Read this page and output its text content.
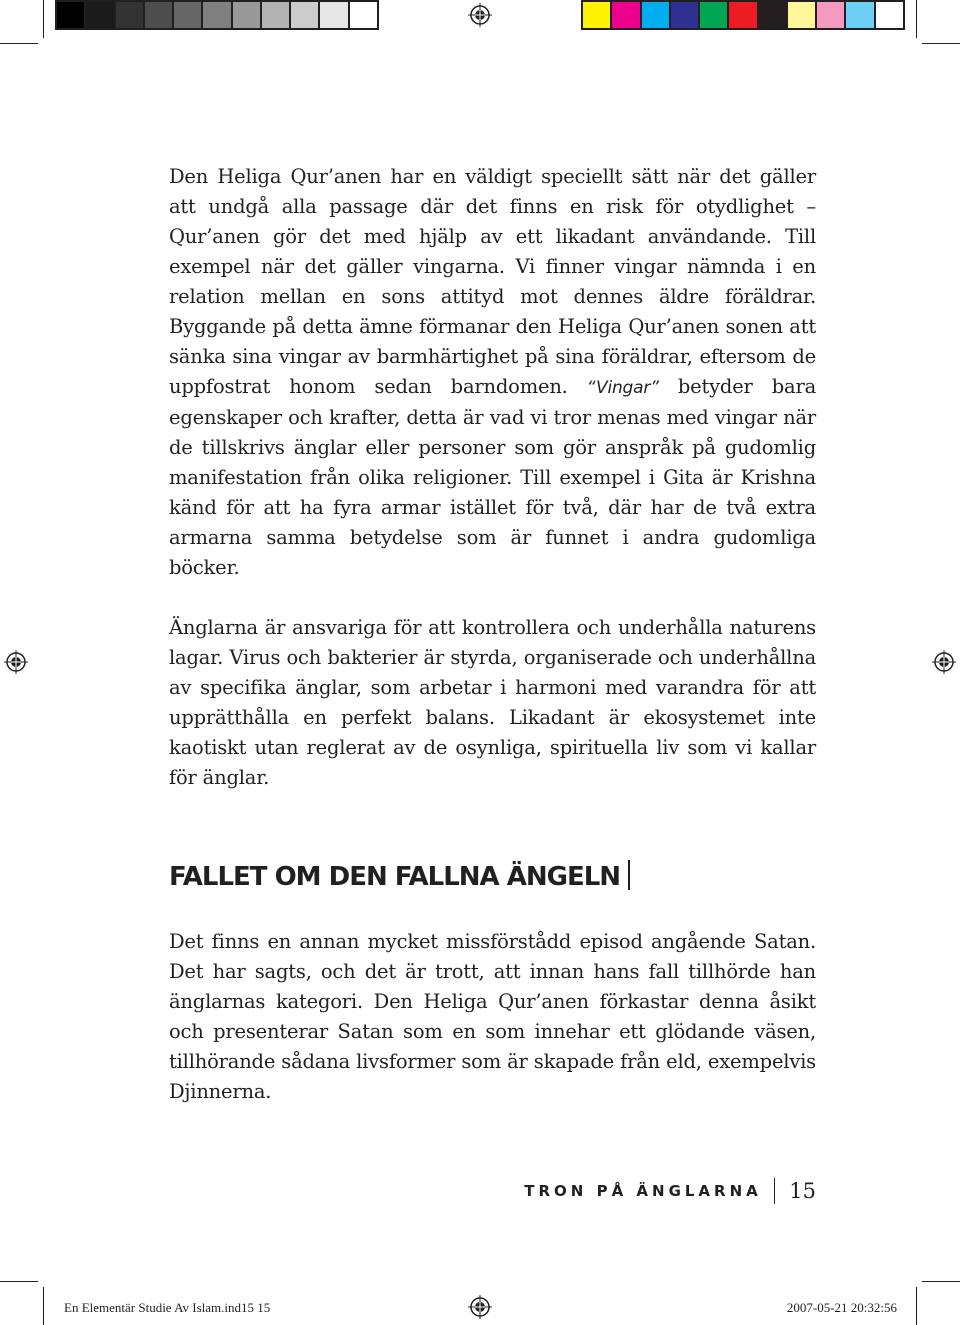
Den Heliga Qur’anen har en väldigt speciellt sätt när det gäller att undgå alla passage där det finns en risk för otydlighet – Qur’anen gör det med hjälp av ett likadant användande. Till exempel när det gäller vingarna. Vi finner vingar nämnda i en relation mellan en sons attityd mot dennes äldre föräldrar. Byggande på detta ämne förmanar den Heliga Qur’anen sonen att sänka sina vingar av barmhärtighet på sina föräldrar, eftersom de uppfostrat honom sedan barndomen. “Vingar” betyder bara egenskaper och krafter, detta är vad vi tror menas med vingar när de tillskrivs änglar eller personer som gör anspråk på gudomlig manifestation från olika religioner. Till exempel i Gita är Krishna känd för att ha fyra armar istället för två, där har de två extra armarna samma betydelse som är funnet i andra gudomliga böcker.

Änglarna är ansvariga för att kontrollera och underhålla naturens lagar. Virus och bakterier är styrda, organiserade och underhållna av specifika änglar, som arbetar i harmoni med varandra för att upprätthålla en perfekt balans. Likadant är ekosystemet inte kaotiskt utan reglerat av de osynliga, spirituella liv som vi kallar för änglar.

FALLET OM DEN FALLNA ÄNGELN

Det finns en annan mycket missförstådd episod angående Satan. Det har sagts, och det är trott, att innan hans fall tillhörde han änglarnas kategori. Den Heliga Qur’anen förkastar denna åsikt och presenterar Satan som en som innehar ett glödande väsen, tillhörande sådana livsformer som är skapade från eld, exempelvis Djinnerna.

TRON PÅ ÄNGLARNA 15
En Elementär Studie Av Islam.ind15 15	2007-05-21 20:32:56
